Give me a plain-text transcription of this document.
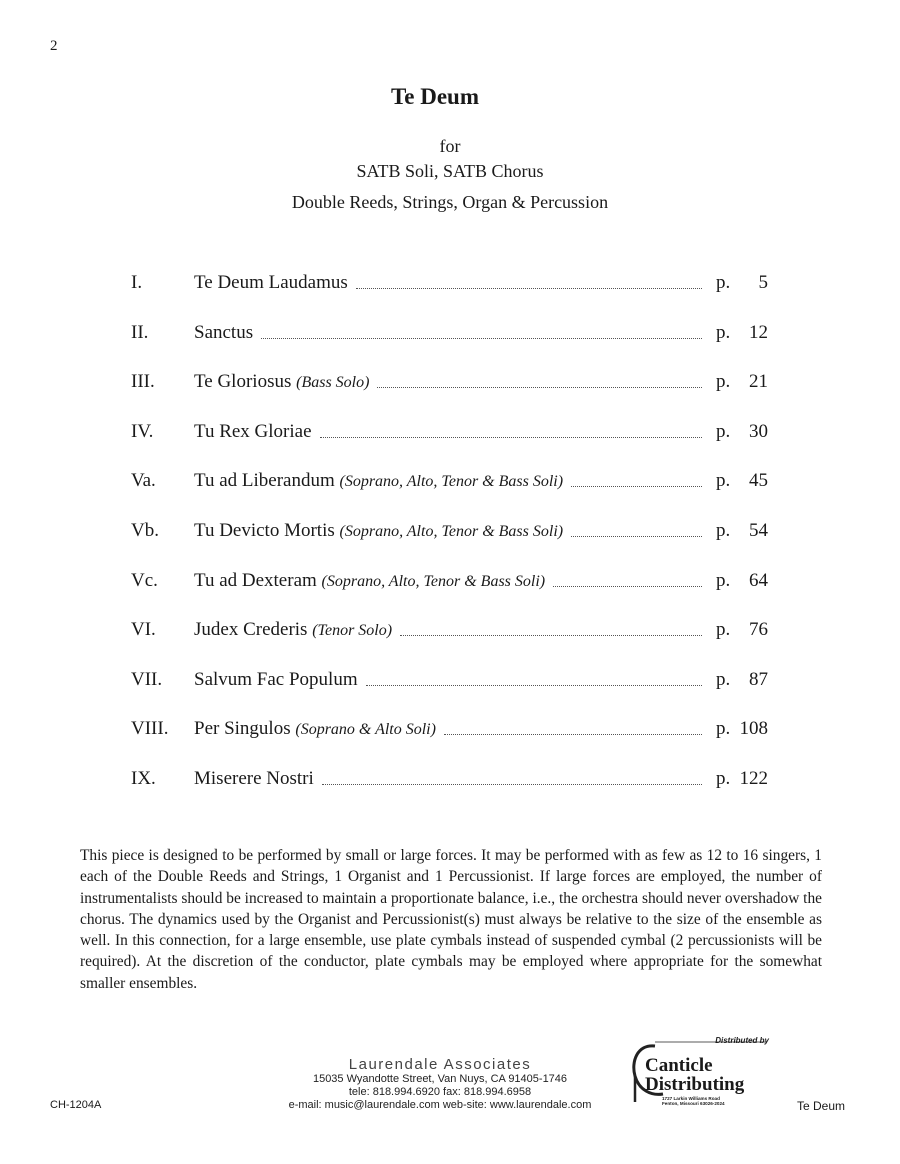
2
Te Deum
for
SATB Soli, SATB Chorus
Double Reeds, Strings, Organ & Percussion
I.	Te Deum Laudamus	p. 5
II. Sanctus	p. 12
III. Te Gloriosus (Bass Solo)	p. 21
IV. Tu Rex Gloriae	p. 30
Va. Tu ad Liberandum (Soprano, Alto, Tenor & Bass Soli)	p. 45
Vb. Tu Devicto Mortis (Soprano, Alto, Tenor & Bass Soli)	p. 54
Vc. Tu ad Dexteram (Soprano, Alto, Tenor & Bass Soli)	p. 64
VI. Judex Crederis (Tenor Solo)	p. 76
VII. Salvum Fac Populum	p. 87
VIII. Per Singulos (Soprano & Alto Soli)	p. 108
IX. Miserere Nostri	p. 122
This piece is designed to be performed by small or large forces. It may be performed with as few as 12 to 16 singers, 1 each of the Double Reeds and Strings, 1 Organist and 1 Percussionist. If large forces are employed, the number of instrumentalists should be increased to maintain a proportionate balance, i.e., the orchestra should never overshadow the chorus. The dynamics used by the Organist and Percussionist(s) must always be relative to the size of the ensemble as well. In this connection, for a large ensemble, use plate cymbals instead of suspended cymbal (2 percussionists will be required). At the discretion of the conductor, plate cymbals may be employed where appropriate for the somewhat smaller ensembles.
CH-1204A
Laurendale Associates
15035 Wyandotte Street, Van Nuys, CA 91405-1746
tele: 818.994.6920 fax: 818.994.6958
e-mail: music@laurendale.com web-site: www.laurendale.com
Distributed by
Canticle
Distributing
1727 Larkin Williams Road
Fenton, Missouri 63026-2024	Te Deum
